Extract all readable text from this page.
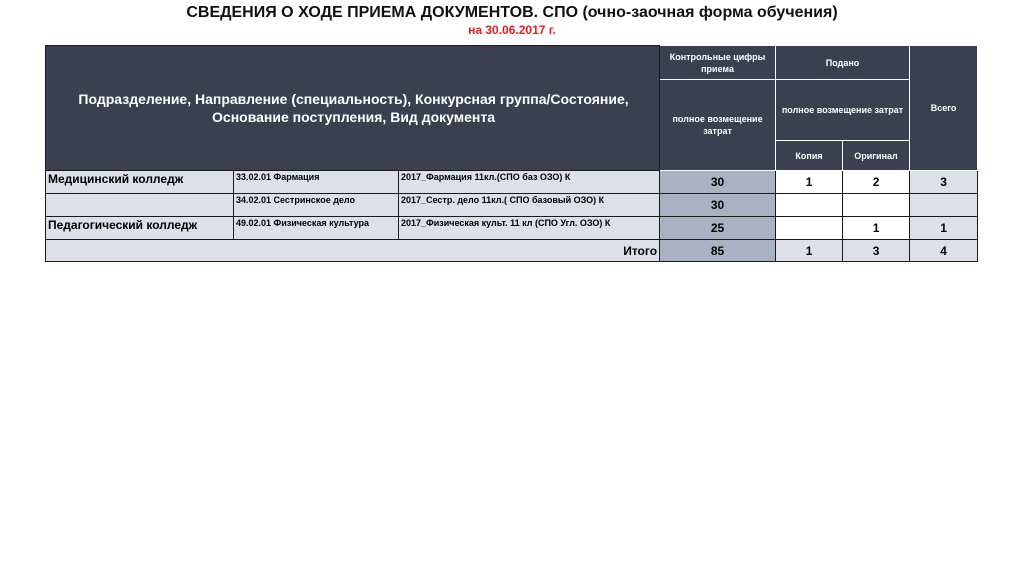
СВЕДЕНИЯ О ХОДЕ ПРИЕМА ДОКУМЕНТОВ. СПО (очно-заочная форма обучения)
на 30.06.2017 г.
Подразделение, Направление (специальность), Конкурсная группа/Состояние, Основание поступления, Вид документа			Контрольные цифры приема	Подано		Всего
			полное возмещение затрат	полное возмещение затрат		
				Копия	Оригинал	
Медицинский колледж	33.02.01 Фармация	2017_Фармация 11кл.(СПО баз ОЗО) К	30	1	2	3
	34.02.01 Сестринское дело	2017_Сестр. дело 11кл.( СПО базовый ОЗО) К	30			
Педагогический колледж	49.02.01 Физическая культура	2017_Физическая культ. 11 кл (СПО Угл. ОЗО) К	25		1	1
Итого			85	1	3	4
